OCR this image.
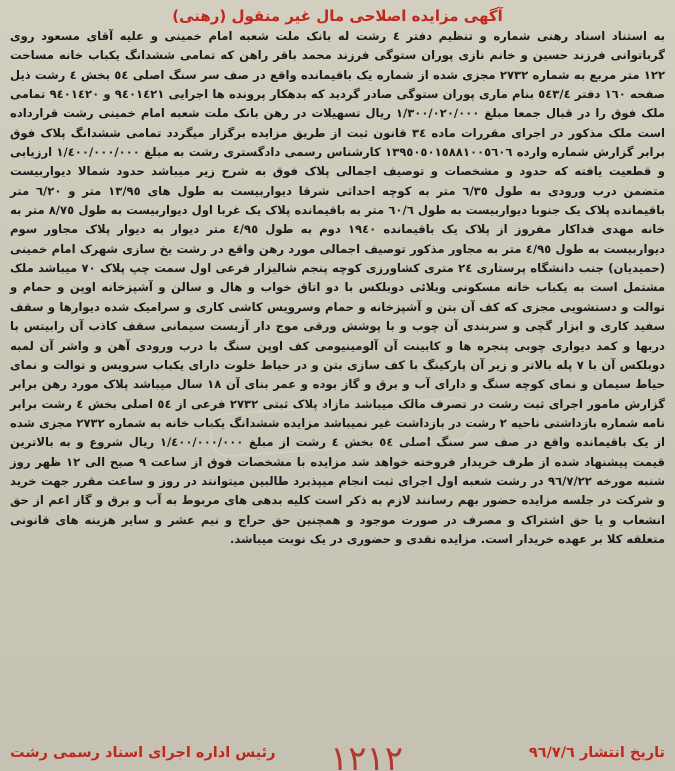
آگهی مزایده اصلاحی مال غیر منقول (رهنی)

به استناد اسناد رهنی شماره و تنظیم دفتر ٤ رشت له بانک ملت شعبه امام خمینی و علیه آقای مسعود روی گرباتوانی فرزند حسین و خانم نازی پوران ستوگی فرزند محمد باقر راهن که تمامی ششدانگ یکباب خانه مساحت ۱۲۲ متر مربع به شماره ۲۷۳۲ مجزی شده از شماره یک باقیمانده واقع در صف سر سنگ اصلی ٥٤ بخش ٤ رشت ذیل صفحه ۱٦٠ دفتر ٥٤٣/٤ بنام ماری پوران ستوگی صادر گردید که بدهکار پرونده ها اجرایی ۹٤٠١٤٢١ و ۹٤٠١٤٢٠ تمامی ملک فوق را در قبال جمعا مبلغ ۱/۳٠٠/٠٢٠/٠٠٠ ریال تسهیلات در رهن بانک ملت شعبه امام خمینی رشت قرارداده است ملک مذکور در اجرای مقررات ماده ۳٤ قانون ثبت از طریق مزایده برگزار میگردد تمامی ششدانگ پلاک فوق برابر گزارش شماره وارده ۱۳۹٥٠٥٠۱٥۸۸۱٠٠٥٦٠٦ کارشناس رسمی دادگستری رشت به مبلغ ۱/٤٠٠/٠٠٠/٠٠٠ ارزیابی و قطعیت یافته که حدود و مشخصات و توصیف اجمالی پلاک فوق به شرح زیر میباشد حدود شمالا دیواربیست متضمن درب ورودی به طول ٦/۳٥ متر به کوچه احداثی شرقا دیواربیست به طول های ۱۳/۹٥ متر و ٦/۲٠ متر باقیمانده پلاک یک جنوبا دیواربیست به طول ٦٠/٦ متر به باقیمانده پلاک یک غربا اول دیواربیست به طول ۸/۷٥ متر به خانه مهدی فداکار مفروز از پلاک یک باقیمانده ۱۹٤٠ دوم به طول ٤/۹٥ متر دیوار به دیوار پلاک مجاور سوم دیواربیست به طول ٤/۹٥ متر به مجاور مذکور توصیف اجمالی مورد رهن واقع در رشت یخ سازی شهرک امام خمینی (حمیدیان) جنب دانشگاه پرستاری ۲٤ متری کشاورزی کوچه پنجم شالیزار فرعی اول سمت چپ پلاک ۷٠ میباشد ملک مشتمل است به یکباب خانه مسکونی ویلائی دوبلکس با دو اتاق خواب و هال و سالن و آشپزخانه اوپن و حمام و توالت و دستشویی مجزی که کف آن بتن و آشپزخانه و حمام وسرویس کاشی کاری و سرامیک شده دیوارها و سقف سفید کاری و ابزار گچی و سربندی آن چوب و با پوشش ورقی موج دار آزبست سیمانی سقف کاذب آن رابیتس با دربها و کمد دیواری چوبی پنجره ها و کابینت آن آلومینیومی کف اوپن سنگ با درب ورودی آهن و واشر آن لمبه دوبلکس آن با ۷ پله بالاتر و زیر آن پارکینگ با کف سازی بتن و در حیاط خلوت دارای یکباب سرویس و توالت و نمای حیاط سیمان و نمای کوچه سنگ و دارای آب و برق و گاز بوده و عمر بنای آن ۱۸ سال میباشد پلاک مورد رهن برابر گزارش مامور اجرای ثبت رشت در تصرف مالک میباشد مازاد پلاک ثبتی ۲۷۳۲ فرعی از ٥٤ اصلی بخش ٤ رشت برابر نامه شماره بازداشتی ناحیه ۲ رشت در بازداشت غیر نمیباشد مزایده ششدانگ یکباب خانه به شماره ۲۷۳۲ مجزی شده از یک باقیمانده واقع در صف سر سنگ اصلی ٥٤ بخش ٤ رشت از مبلغ ۱/٤٠٠/٠٠٠/٠٠٠ ریال شروع و به بالاترین قیمت پیشنهاد شده از طرف خریدار فروخته خواهد شد مزایده با مشخصات فوق از ساعت ۹ صبح الی ۱۲ ظهر روز شنبه مورخه ۹٦/۷/۲۲ در رشت شعبه اول اجرای ثبت انجام میپذیرد طالبین میتوانند در روز و ساعت مقرر جهت خرید و شرکت در جلسه مزایده حضور بهم رسانند لازم به ذکر است کلیه بدهی های مربوط به آب و برق و گاز اعم از حق انشعاب و یا حق اشتراک و مصرف در صورت موجود و همچنین حق حراج و نیم عشر و سایر هزینه های قانونی متعلقه کلا بر عهده خریدار است. مزایده نقدی و حضوری در یک نوبت میباشد.

تاریخ انتشار ۹٦/۷/٦
رئیس اداره اجرای اسناد رسمی رشت ۱۲۱۲
